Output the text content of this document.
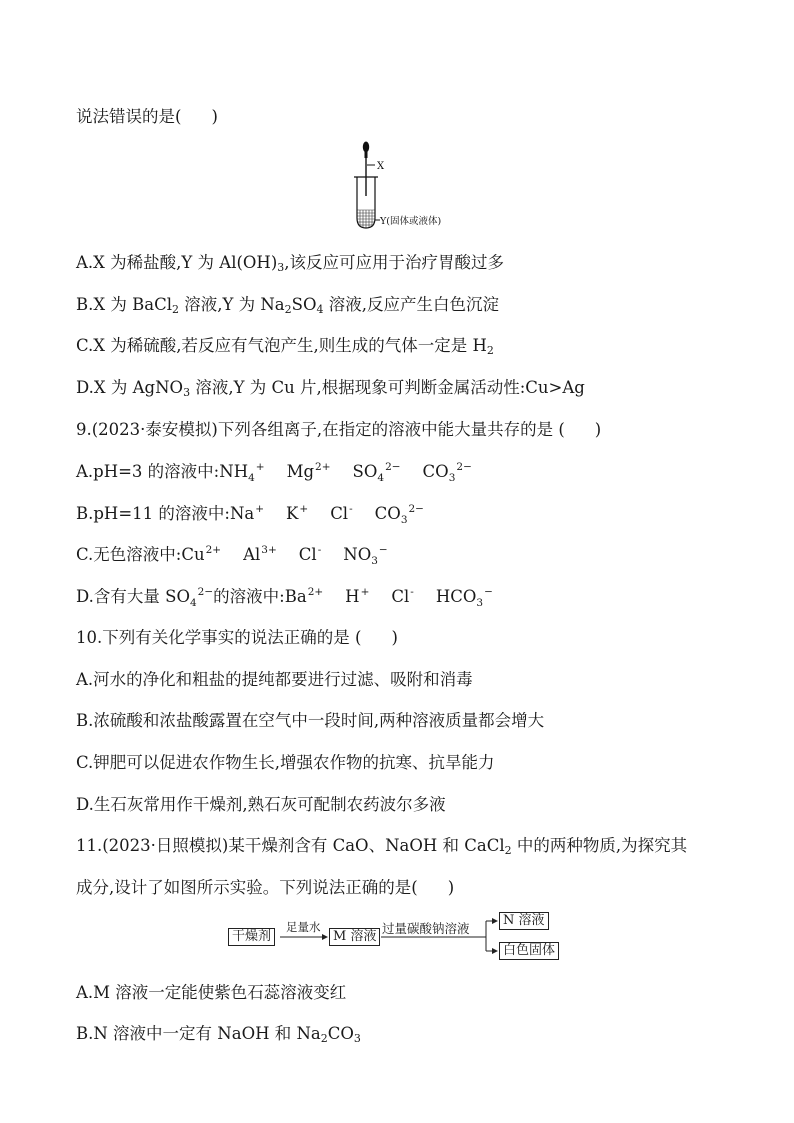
说法错误的是( )
X
Y(固体或液体)
A.X 为稀盐酸,Y 为 $Al(OH)_3$,该反应可应用于治疗胃酸过多
B.X 为 BaCl$_2$ 溶液,Y 为 $Na_2SO_4$ 溶液,反应产生白色沉淀
C.X 为稀硫酸,若反应有气泡产生,则生成的气体一定是 $H_2$
D.X 为 AgNO$_3$ 溶液,Y 为 Cu 片,根据现象可判断金属活动性:Cu>Ag
9.(2023·泰安模拟)下列各组离子,在指定的溶液中能大量共存的是 ( )
A.pH=3 的溶液中$:NH_4^+$ $Mg^{2+}$ $SO_4^{2-}$ $CO_3^{2-}$
B.pH=11 的溶液中:Na+ K+ Cl- $CO_3^{2-}$
C.无色溶液中$:Cu^{2+}$ $Al^{3+}$ Cl- $NO_3^-$
D.含有大量 $SO_4^{2-}$的溶液中$:Ba^{2+}$ H+ Cl- $HCO_3^-$
10.下列有关化学事实的说法正确的是 ( )
A.河水的净化和粗盐的提纯都要进行过滤、吸附和消毒
B.浓硫酸和浓盐酸露置在空气中一段时间,两种溶液质量都会增大
C.钾肥可以促进农作物生长,增强农作物的抗寒、抗旱能力
D.生石灰常用作干燥剂,熟石灰可配制农药波尔多液
11.(2023·日照模拟)某干燥剂含有 CaO、NaOH 和 CaCl$_2$ 中的两种物质,为探究其
成分,设计了如图所示实验。下列说法正确的是( )
干燥剂
足量水
M 溶液
过量碳酸钠溶液
N 溶液
白色固体
A.M 溶液一定能使紫色石蕊溶液变红
B.N 溶液中一定有 NaOH 和 $Na_2CO_3$
